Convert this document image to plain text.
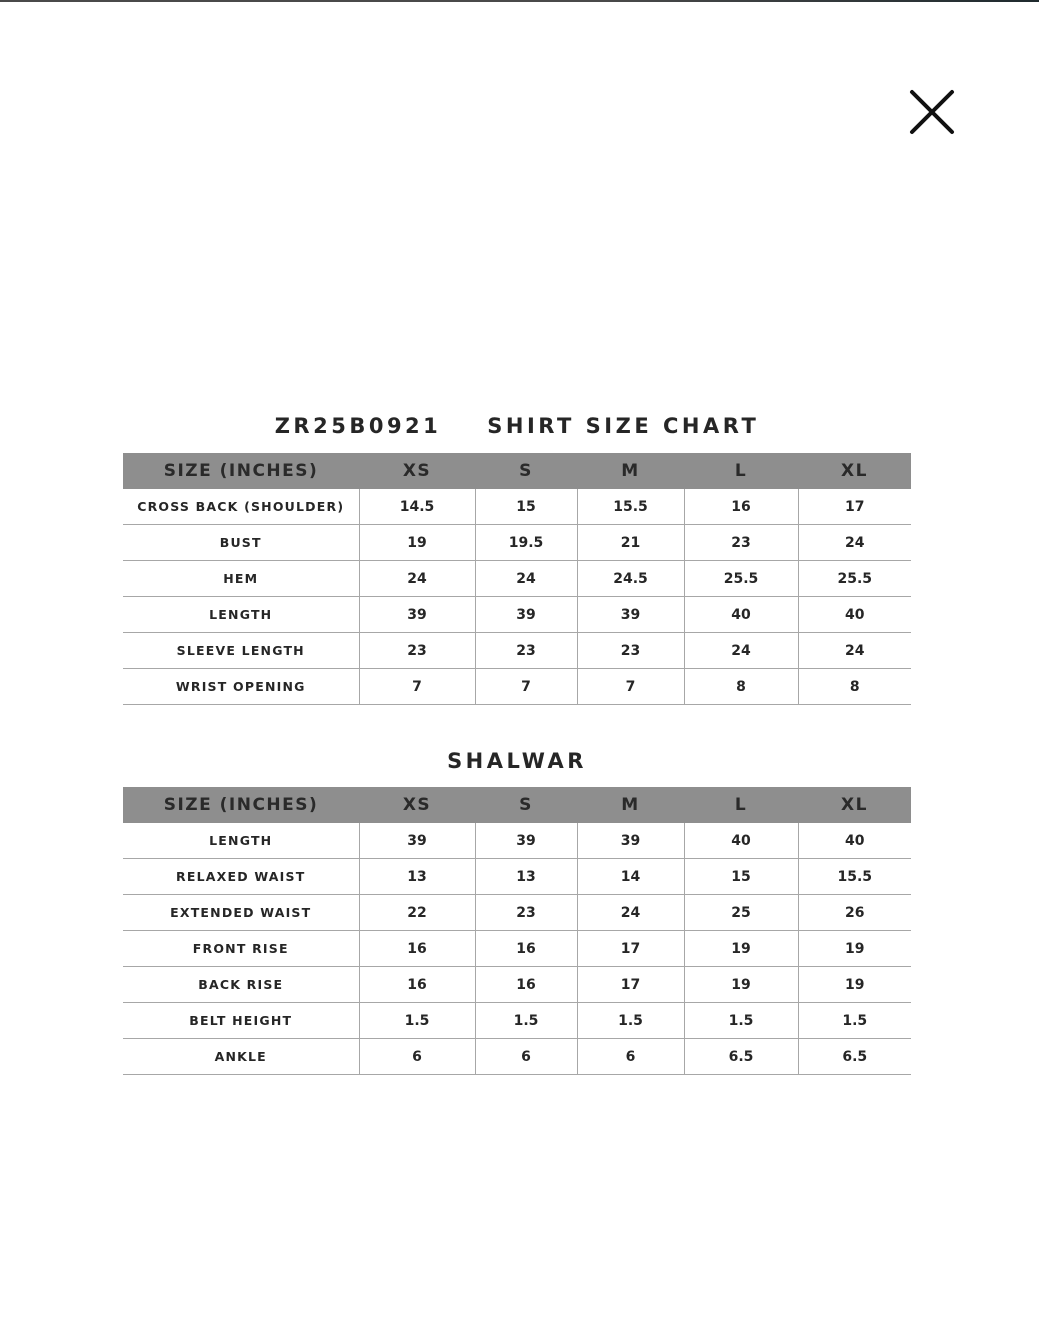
ZR25B0921 SHIRT SIZE CHART
SIZE (INCHES)	XS	S	M	L	XL
CROSS BACK (SHOULDER)	14.5	15	15.5	16	17
BUST	19	19.5	21	23	24
HEM	24	24	24.5	25.5	25.5
LENGTH	39	39	39	40	40
SLEEVE LENGTH	23	23	23	24	24
WRIST OPENING	7	7	7	8	8
SHALWAR
SIZE (INCHES)	XS	S	M	L	XL
LENGTH	39	39	39	40	40
RELAXED WAIST	13	13	14	15	15.5
EXTENDED WAIST	22	23	24	25	26
FRONT RISE	16	16	17	19	19
BACK RISE	16	16	17	19	19
BELT HEIGHT	1.5	1.5	1.5	1.5	1.5
ANKLE	6	6	6	6.5	6.5
